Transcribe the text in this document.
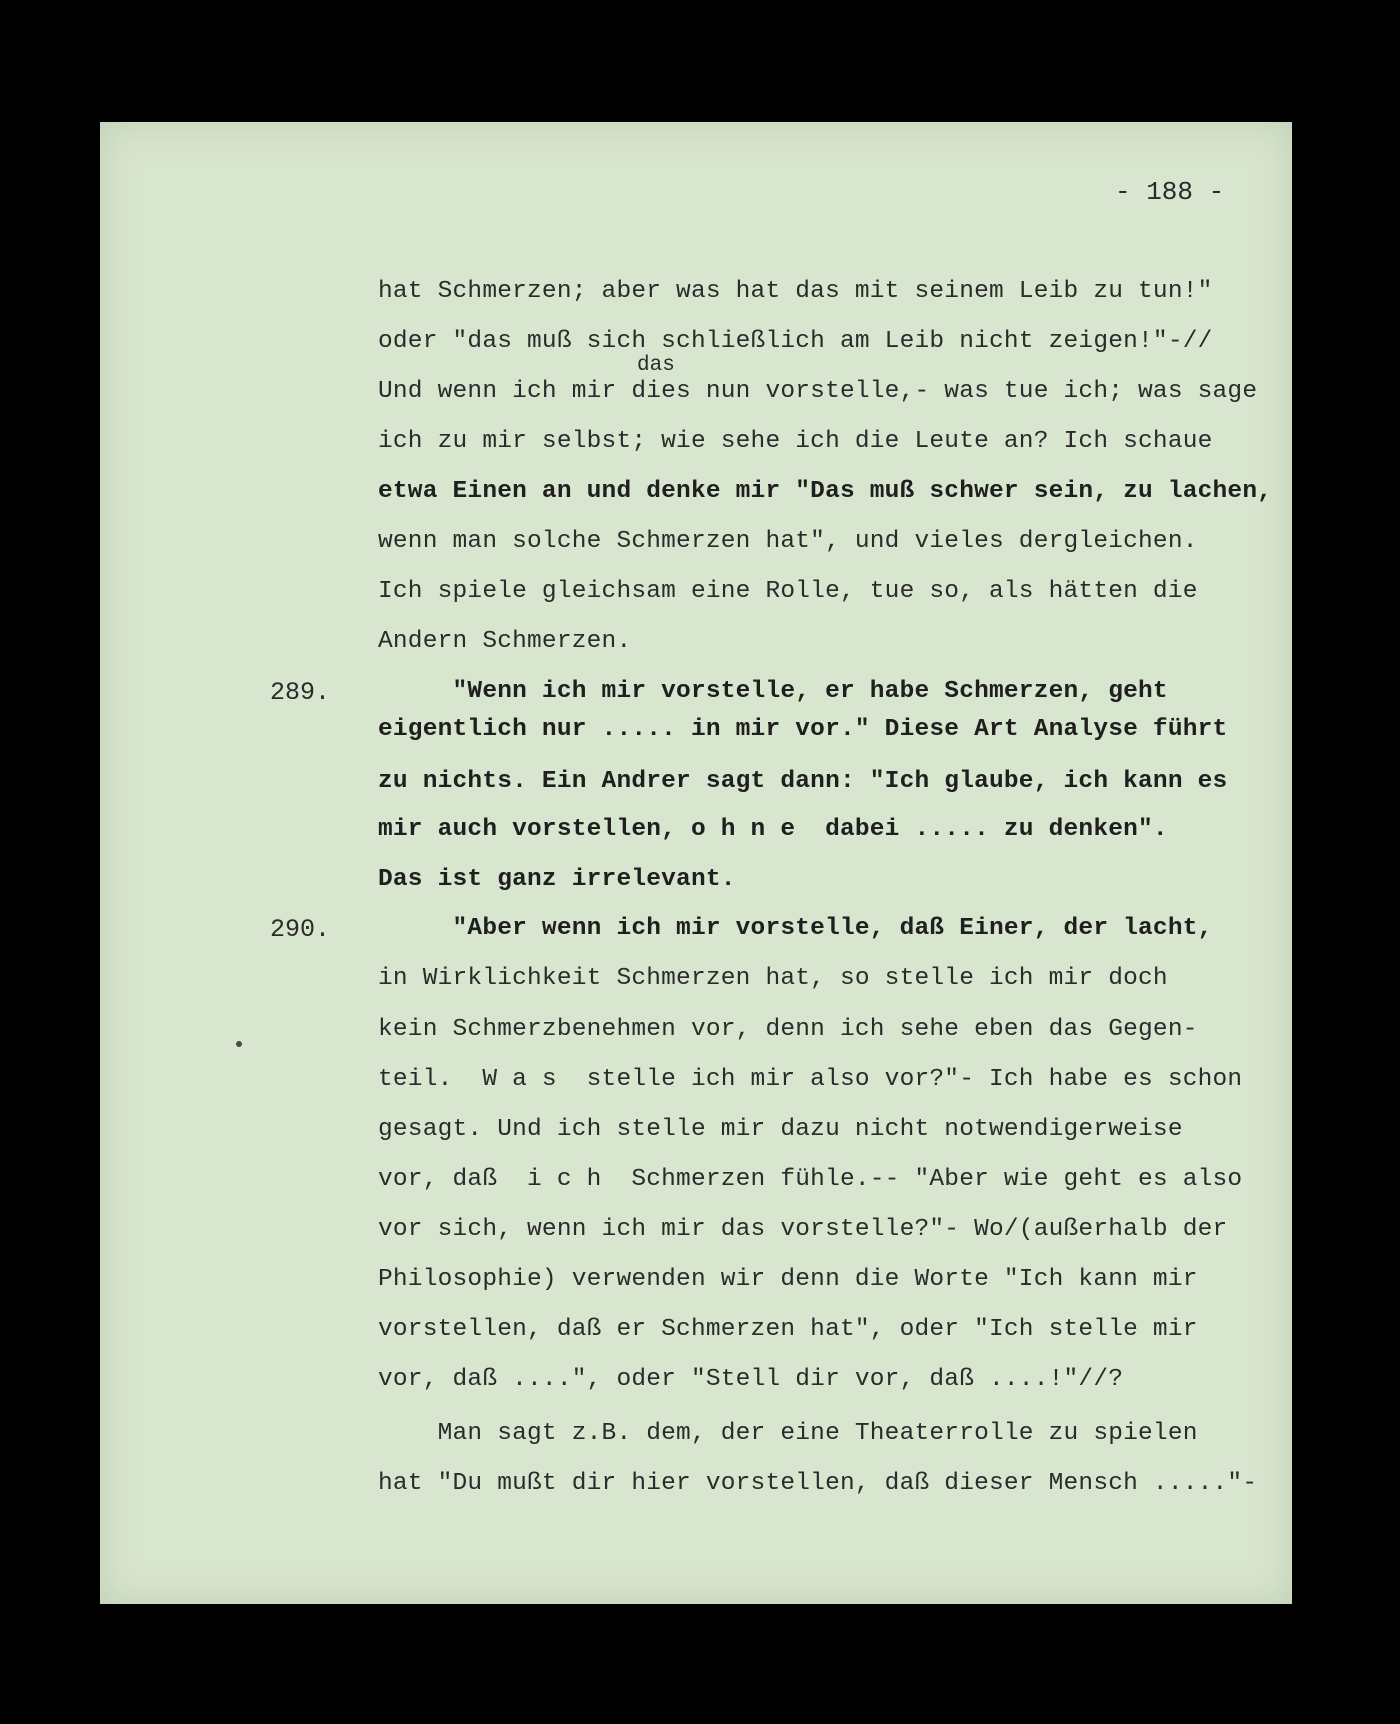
- 188 -
das
289.
290.
hat Schmerzen; aber was hat das mit seinem Leib zu tun!"
oder "das muß sich schließlich am Leib nicht zeigen!"-//
Und wenn ich mir dies nun vorstelle,- was tue ich; was sage
ich zu mir selbst; wie sehe ich die Leute an? Ich schaue
etwa Einen an und denke mir "Das muß schwer sein, zu lachen,
wenn man solche Schmerzen hat", und vieles dergleichen.
Ich spiele gleichsam eine Rolle, tue so, als hätten die
Andern Schmerzen.
"Wenn ich mir vorstelle, er habe Schmerzen, geht
eigentlich nur ..... in mir vor." Diese Art Analyse führt
zu nichts. Ein Andrer sagt dann: "Ich glaube, ich kann es
mir auch vorstellen, o h n e  dabei ..... zu denken".
Das ist ganz irrelevant.
"Aber wenn ich mir vorstelle, daß Einer, der lacht,
in Wirklichkeit Schmerzen hat, so stelle ich mir doch
kein Schmerzbenehmen vor, denn ich sehe eben das Gegen-
teil.  W a s  stelle ich mir also vor?"- Ich habe es schon
gesagt. Und ich stelle mir dazu nicht notwendigerweise
vor, daß  i c h  Schmerzen fühle.-- "Aber wie geht es also
vor sich, wenn ich mir das vorstelle?"- Wo/(außerhalb der
Philosophie) verwenden wir denn die Worte "Ich kann mir
vorstellen, daß er Schmerzen hat", oder "Ich stelle mir
vor, daß ....", oder "Stell dir vor, daß ....!"//?
Man sagt z.B. dem, der eine Theaterrolle zu spielen
hat "Du mußt dir hier vorstellen, daß dieser Mensch ....."-
